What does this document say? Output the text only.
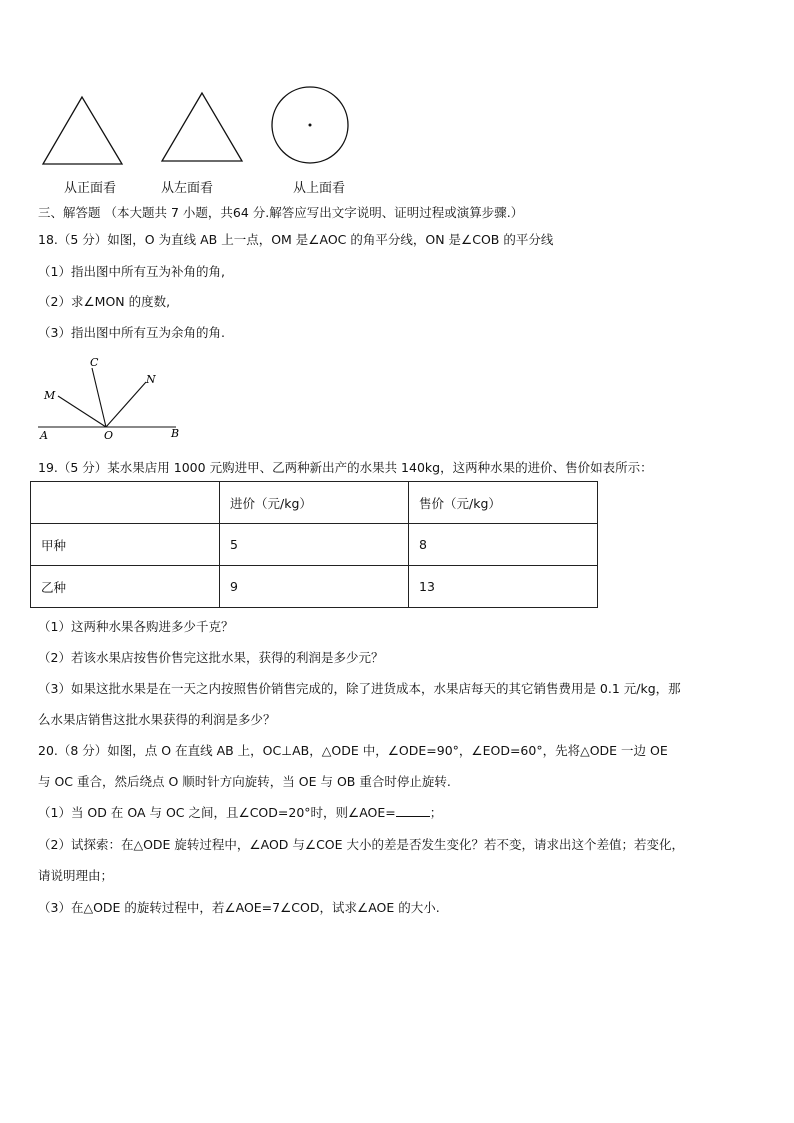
从正面看	从左面看	从上面看
三、解答题 （本大题共 7 小题，共64 分.解答应写出文字说明、证明过程或演算步骤.）
18.（5 分）如图，O 为直线 AB 上一点，OM 是∠AOC 的角平分线，ON 是∠COB 的平分线
（1）指出图中所有互为补角的角,
（2）求∠MON 的度数,
（3）指出图中所有互为余角的角.
C
M
N
A	O	B
19.（5 分）某水果店用 1000 元购进甲、乙两种新出产的水果共 140kg，这两种水果的进价、售价如表所示：
	进价（元/kg）	售价（元/kg）
甲种	5	8
乙种	9	13
（1）这两种水果各购进多少千克？
（2）若该水果店按售价售完这批水果，获得的利润是多少元？
（3）如果这批水果是在一天之内按照售价销售完成的，除了进货成本，水果店每天的其它销售费用是 0.1 元/kg，那
么水果店销售这批水果获得的利润是多少？
20.（8 分）如图，点 O 在直线 AB 上，OC⊥AB，△ODE 中，∠ODE=90°，∠EOD=60°，先将△ODE 一边 OE
与 OC 重合，然后绕点 O 顺时针方向旋转，当 OE 与 OB 重合时停止旋转.
（1）当 OD 在 OA 与 OC 之间，且∠COD=20°时，则∠AOE=	；
（2）试探索：在△ODE 旋转过程中，∠AOD 与∠COE 大小的差是否发生变化？若不变，请求出这个差值；若变化，
请说明理由；
（3）在△ODE 的旋转过程中，若∠AOE=7∠COD，试求∠AOE 的大小.
